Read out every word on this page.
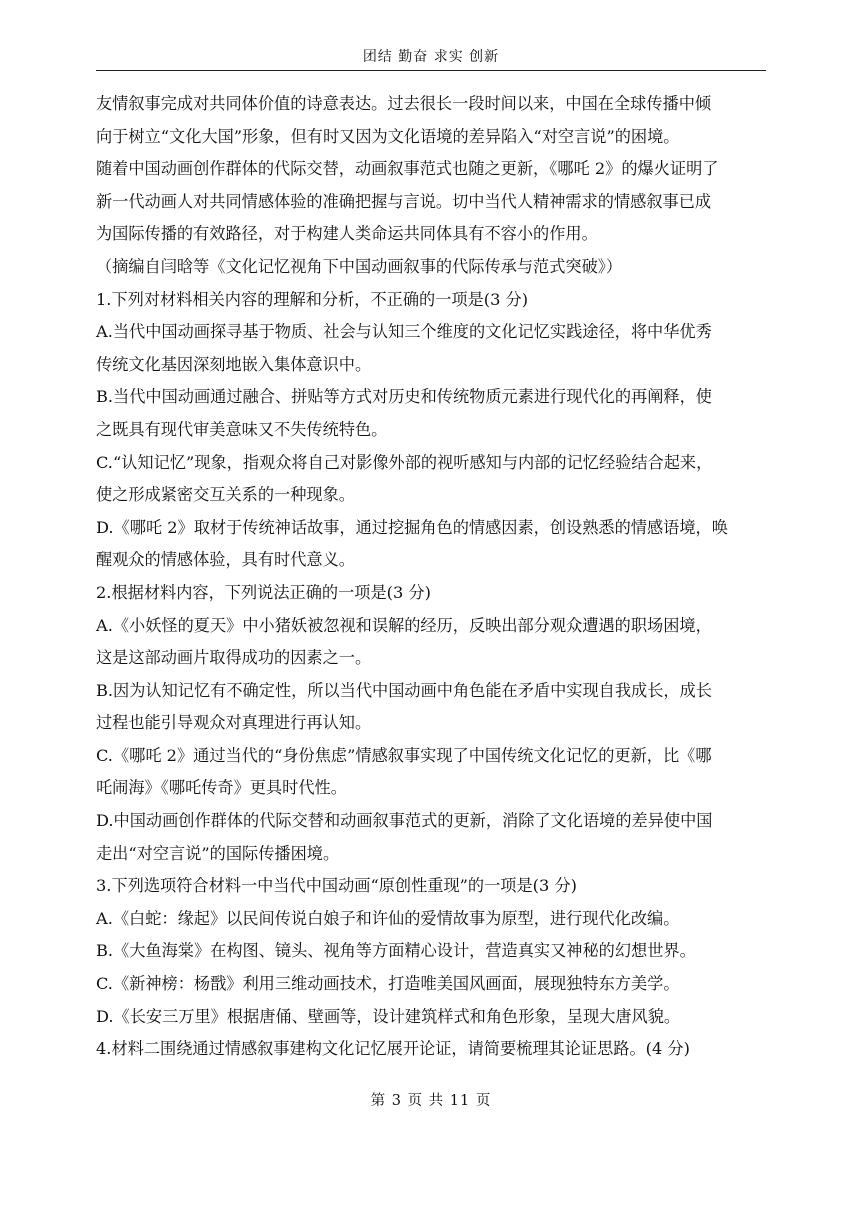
团结 勤奋 求实 创新

友情叙事完成对共同体价值的诗意表达。过去很长一段时间以来，中国在全球传播中倾

向于树立“文化大国”形象，但有时又因为文化语境的差异陷入“对空言说”的困境。

随着中国动画创作群体的代际交替，动画叙事范式也随之更新，《哪吒 2》的爆火证明了

新一代动画人对共同情感体验的准确把握与言说。切中当代人精神需求的情感叙事已成

为国际传播的有效路径，对于构建人类命运共同体具有不容小的作用。

（摘编自闫晗等《文化记忆视角下中国动画叙事的代际传承与范式突破》）

1.下列对材料相关内容的理解和分析，不正确的一项是(3 分)

A.当代中国动画探寻基于物质、社会与认知三个维度的文化记忆实践途径，将中华优秀

传统文化基因深刻地嵌入集体意识中。

B.当代中国动画通过融合、拼贴等方式对历史和传统物质元素进行现代化的再阐释，使

之既具有现代审美意味又不失传统特色。

C.“认知记忆”现象，指观众将自己对影像外部的视听感知与内部的记忆经验结合起来，

使之形成紧密交互关系的一种现象。

D.《哪吒 2》取材于传统神话故事，通过挖掘角色的情感因素，创设熟悉的情感语境，唤

醒观众的情感体验，具有时代意义。

2.根据材料内容，下列说法正确的一项是(3 分)

A.《小妖怪的夏天》中小猪妖被忽视和误解的经历，反映出部分观众遭遇的职场困境，

这是这部动画片取得成功的因素之一。

B.因为认知记忆有不确定性，所以当代中国动画中角色能在矛盾中实现自我成长，成长

过程也能引导观众对真理进行再认知。

C.《哪吒 2》通过当代的“身份焦虑”情感叙事实现了中国传统文化记忆的更新，比《哪

吒闹海》《哪吒传奇》更具时代性。

D.中国动画创作群体的代际交替和动画叙事范式的更新，消除了文化语境的差异使中国

走出“对空言说”的国际传播困境。

3.下列选项符合材料一中当代中国动画“原创性重现”的一项是(3 分)

A.《白蛇：缘起》以民间传说白娘子和许仙的爱情故事为原型，进行现代化改编。

B.《大鱼海棠》在构图、镜头、视角等方面精心设计，营造真实又神秘的幻想世界。

C.《新神榜：杨戬》利用三维动画技术，打造唯美国风画面，展现独特东方美学。

D.《长安三万里》根据唐俑、壁画等，设计建筑样式和角色形象，呈现大唐风貌。

4.材料二围绕通过情感叙事建构文化记忆展开论证，请简要梳理其论证思路。(4 分)

第 3 页 共 11 页
